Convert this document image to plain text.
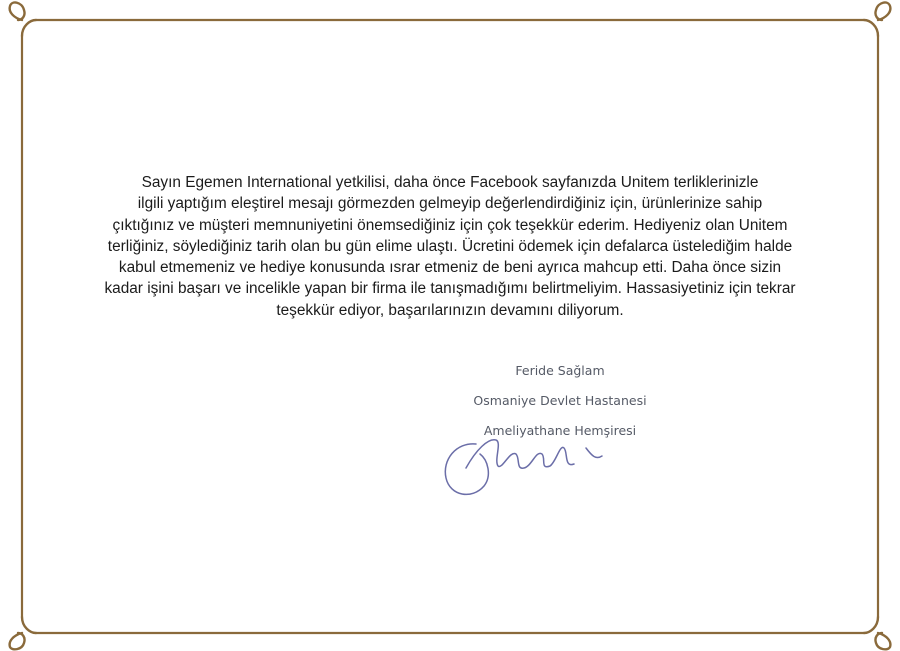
Sayın Egemen International yetkilisi, daha önce Facebook sayfanızda Unitem terliklerinizle
ilgili yaptığım eleştirel mesajı görmezden gelmeyip değerlendirdiğiniz için, ürünlerinize sahip
çıktığınız ve müşteri memnuniyetini önemsediğiniz için çok teşekkür ederim. Hediyeniz olan Unitem
terliğiniz, söylediğiniz tarih olan bu gün elime ulaştı. Ücretini ödemek için defalarca üstelediğim halde
kabul etmemeniz ve hediye konusunda ısrar etmeniz de beni ayrıca mahcup etti. Daha önce sizin
kadar işini başarı ve incelikle yapan bir firma ile tanışmadığımı belirtmeliyim. Hassasiyetiniz için tekrar
teşekkür ediyor, başarılarınızın devamını diliyorum.
Feride Sağlam
Osmaniye Devlet Hastanesi
Ameliyathane Hemşiresi
